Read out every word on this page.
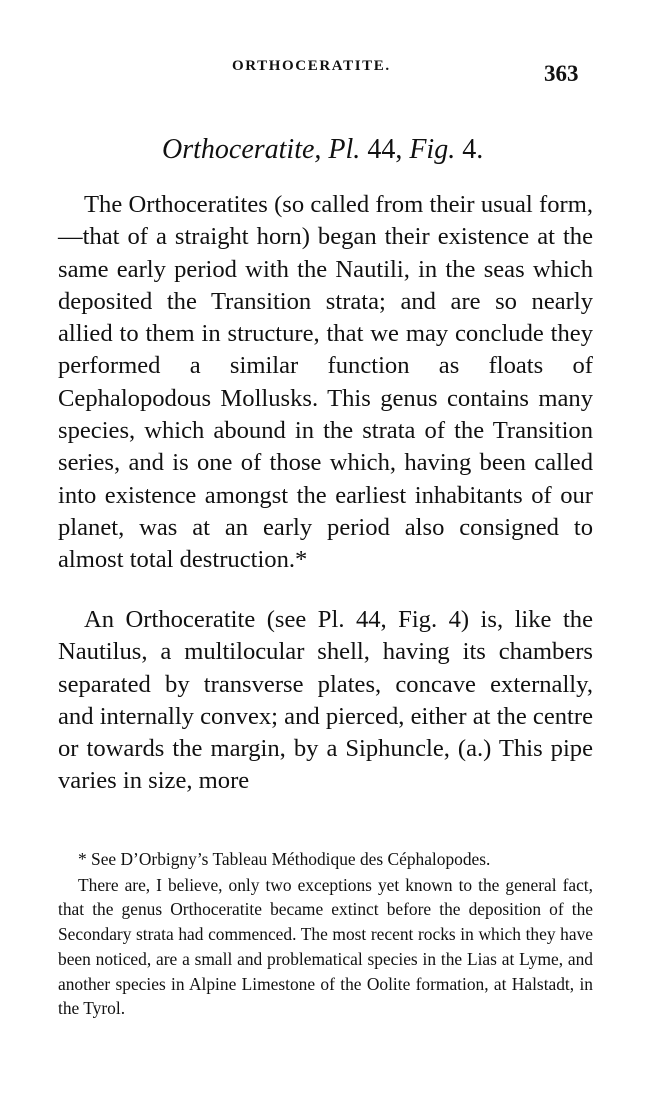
ORTHOCERATITE.	363
Orthoceratite, Pl. 44, Fig. 4.

The Orthoceratites (so called from their usual form,—that of a straight horn) began their existence at the same early period with the Nautili, in the seas which deposited the Transition strata; and are so nearly allied to them in structure, that we may conclude they performed a similar function as floats of Cephalopodous Mollusks. This genus contains many species, which abound in the strata of the Transition series, and is one of those which, having been called into existence amongst the earliest inhabitants of our planet, was at an early period also consigned to almost total destruction.*

An Orthoceratite (see Pl. 44, Fig. 4) is, like the Nautilus, a multilocular shell, having its chambers separated by transverse plates, concave externally, and internally convex; and pierced, either at the centre or towards the margin, by a Siphuncle, (a.) This pipe varies in size, more

* See D’Orbigny’s Tableau Méthodique des Céphalopodes.

There are, I believe, only two exceptions yet known to the general fact, that the genus Orthoceratite became extinct before the deposition of the Secondary strata had commenced. The most recent rocks in which they have been noticed, are a small and problematical species in the Lias at Lyme, and another species in Alpine Limestone of the Oolite formation, at Halstadt, in the Tyrol.
